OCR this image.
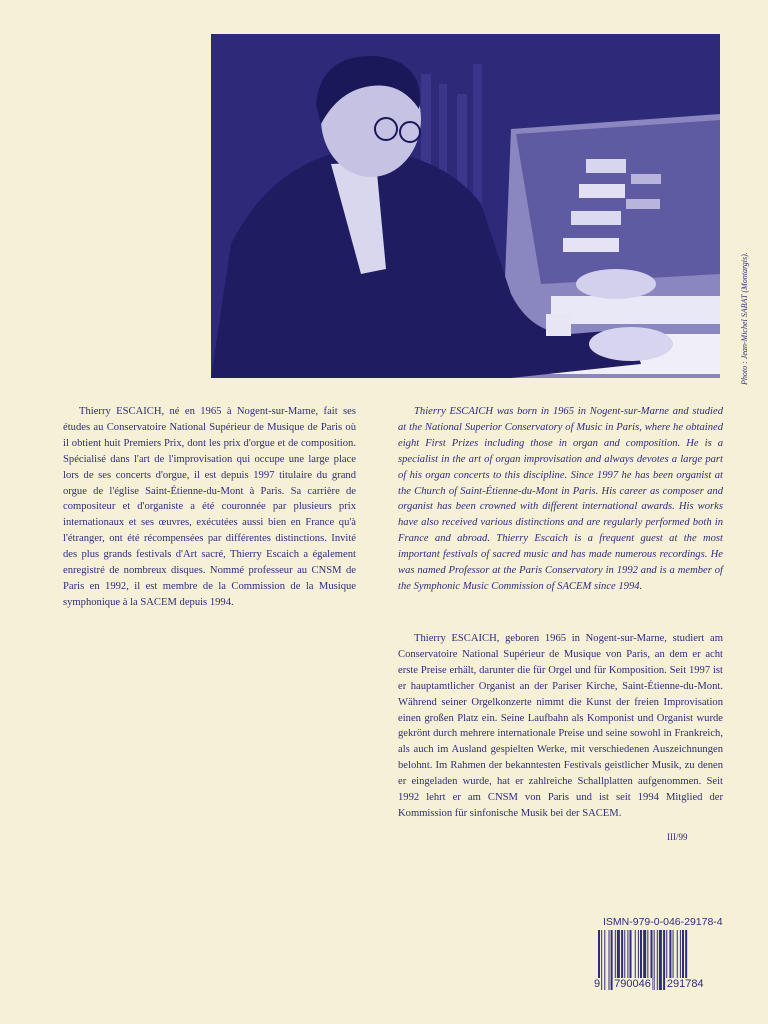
Photo : Jean-Michel SABAT (Montargis).

Thierry ESCAICH, né en 1965 à Nogent-sur-Marne, fait ses études au Conservatoire National Supérieur de Musique de Paris où il obtient huit Premiers Prix, dont les prix d'orgue et de composition. Spécialisé dans l'art de l'improvisation qui occupe une large place lors de ses concerts d'orgue, il est depuis 1997 titulaire du grand orgue de l'église Saint-Étienne-du-Mont à Paris. Sa carrière de compositeur et d'organiste a été couronnée par plusieurs prix internationaux et ses œuvres, exécutées aussi bien en France qu'à l'étranger, ont été récompensées par différentes distinctions. Invité des plus grands festivals d'Art sacré, Thierry Escaich a également enregistré de nombreux disques. Nommé professeur au CNSM de Paris en 1992, il est membre de la Commission de la Musique symphonique à la SACEM depuis 1994.

Thierry ESCAICH was born in 1965 in Nogent-sur-Marne and studied at the National Superior Conservatory of Music in Paris, where he obtained eight First Prizes including those in organ and composition. He is a specialist in the art of organ improvisation and always devotes a large part of his organ concerts to this discipline. Since 1997 he has been organist at the Church of Saint-Étienne-du-Mont in Paris. His career as composer and organist has been crowned with different international awards. His works have also received various distinctions and are regularly performed both in France and abroad. Thierry Escaich is a frequent guest at the most important festivals of sacred music and has made numerous recordings. He was named Professor at the Paris Conservatory in 1992 and is a member of the Symphonic Music Commission of SACEM since 1994.

Thierry ESCAICH, geboren 1965 in Nogent-sur-Marne, studiert am Conservatoire National Supérieur de Musique von Paris, an dem er acht erste Preise erhält, darunter die für Orgel und für Komposition. Seit 1997 ist er hauptamtlicher Organist an der Pariser Kirche, Saint-Étienne-du-Mont. Während seiner Orgelkonzerte nimmt die Kunst der freien Improvisation einen großen Platz ein. Seine Laufbahn als Komponist und Organist wurde gekrönt durch mehrere internationale Preise und seine sowohl in Frankreich, als auch im Ausland gespielten Werke, mit verschiedenen Auszeichnungen belohnt. Im Rahmen der bekanntesten Festivals geistlicher Musik, zu denen er eingeladen wurde, hat er zahlreiche Schallplatten aufgenommen. Seit 1992 lehrt er am CNSM von Paris und ist seit 1994 Mitglied der Kommission für sinfonische Musik bei der SACEM.

III/99
ISMN-979-0-046-29178-4
9 790046 291784
